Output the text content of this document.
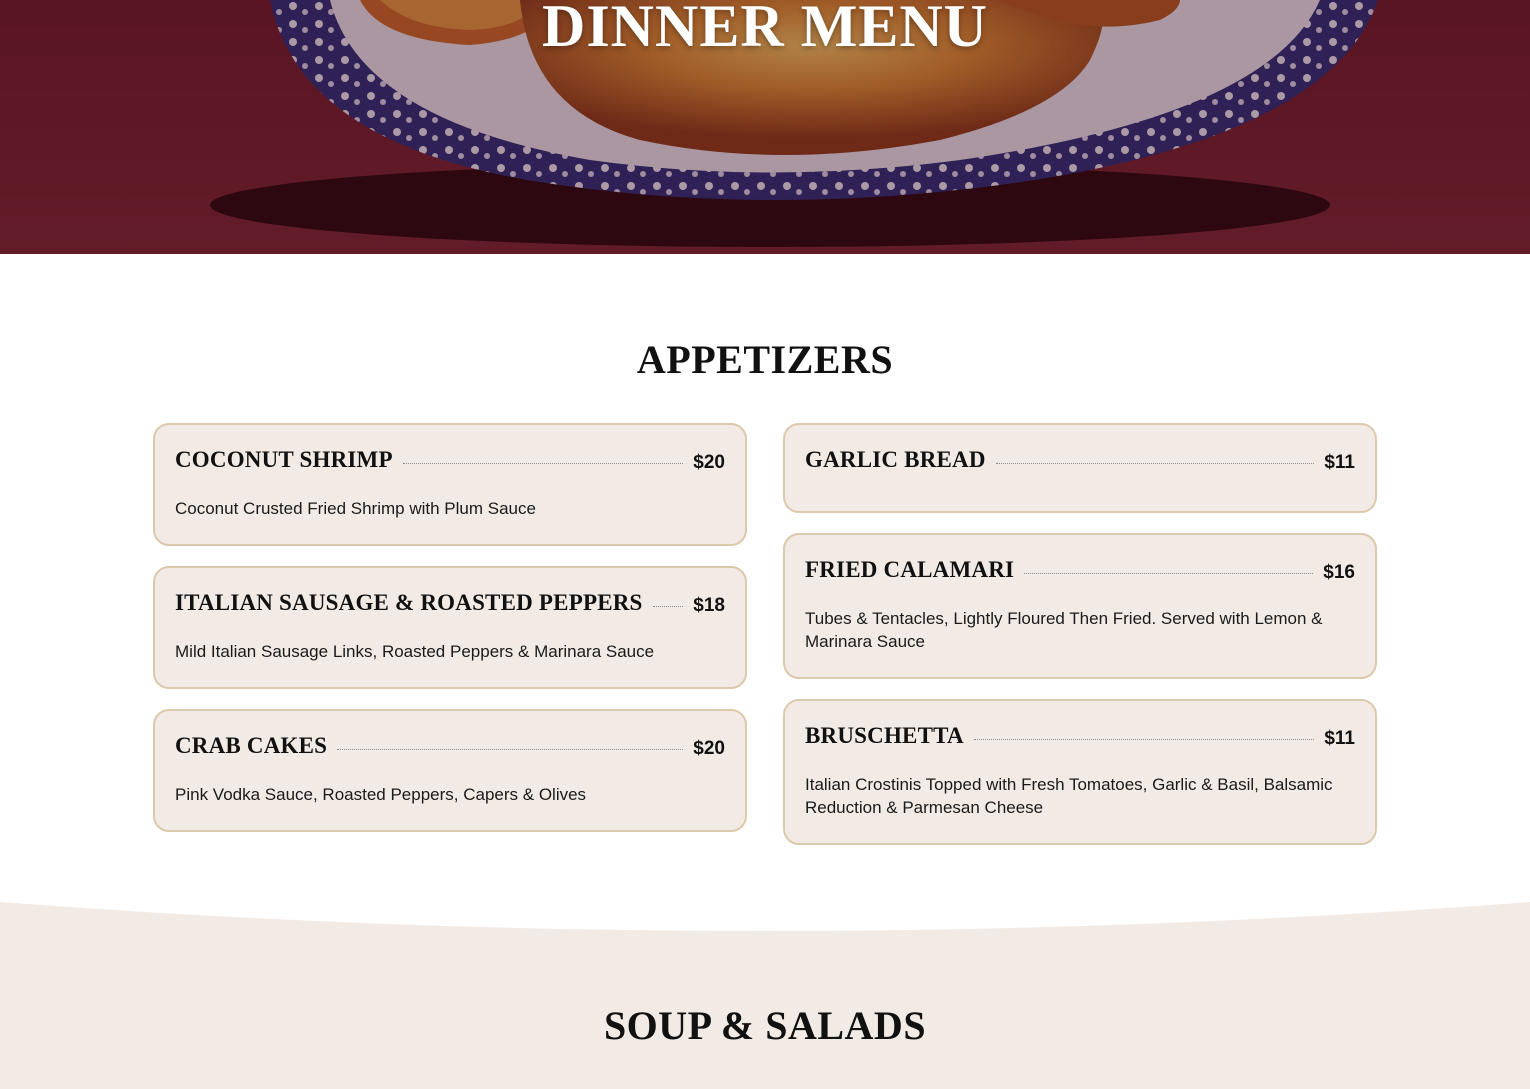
DINNER MENU
APPETIZERS
COCONUT SHRIMP	$20
Coconut Crusted Fried Shrimp with Plum Sauce
ITALIAN SAUSAGE & ROASTED PEPPERS	$18
Mild Italian Sausage Links, Roasted Peppers & Marinara Sauce
CRAB CAKES	$20
Pink Vodka Sauce, Roasted Peppers, Capers & Olives
GARLIC BREAD	$11
FRIED CALAMARI	$16
Tubes & Tentacles, Lightly Floured Then Fried. Served with Lemon & Marinara Sauce
BRUSCHETTA	$11
Italian Crostinis Topped with Fresh Tomatoes, Garlic & Basil, Balsamic Reduction & Parmesan Cheese
SOUP & SALADS
